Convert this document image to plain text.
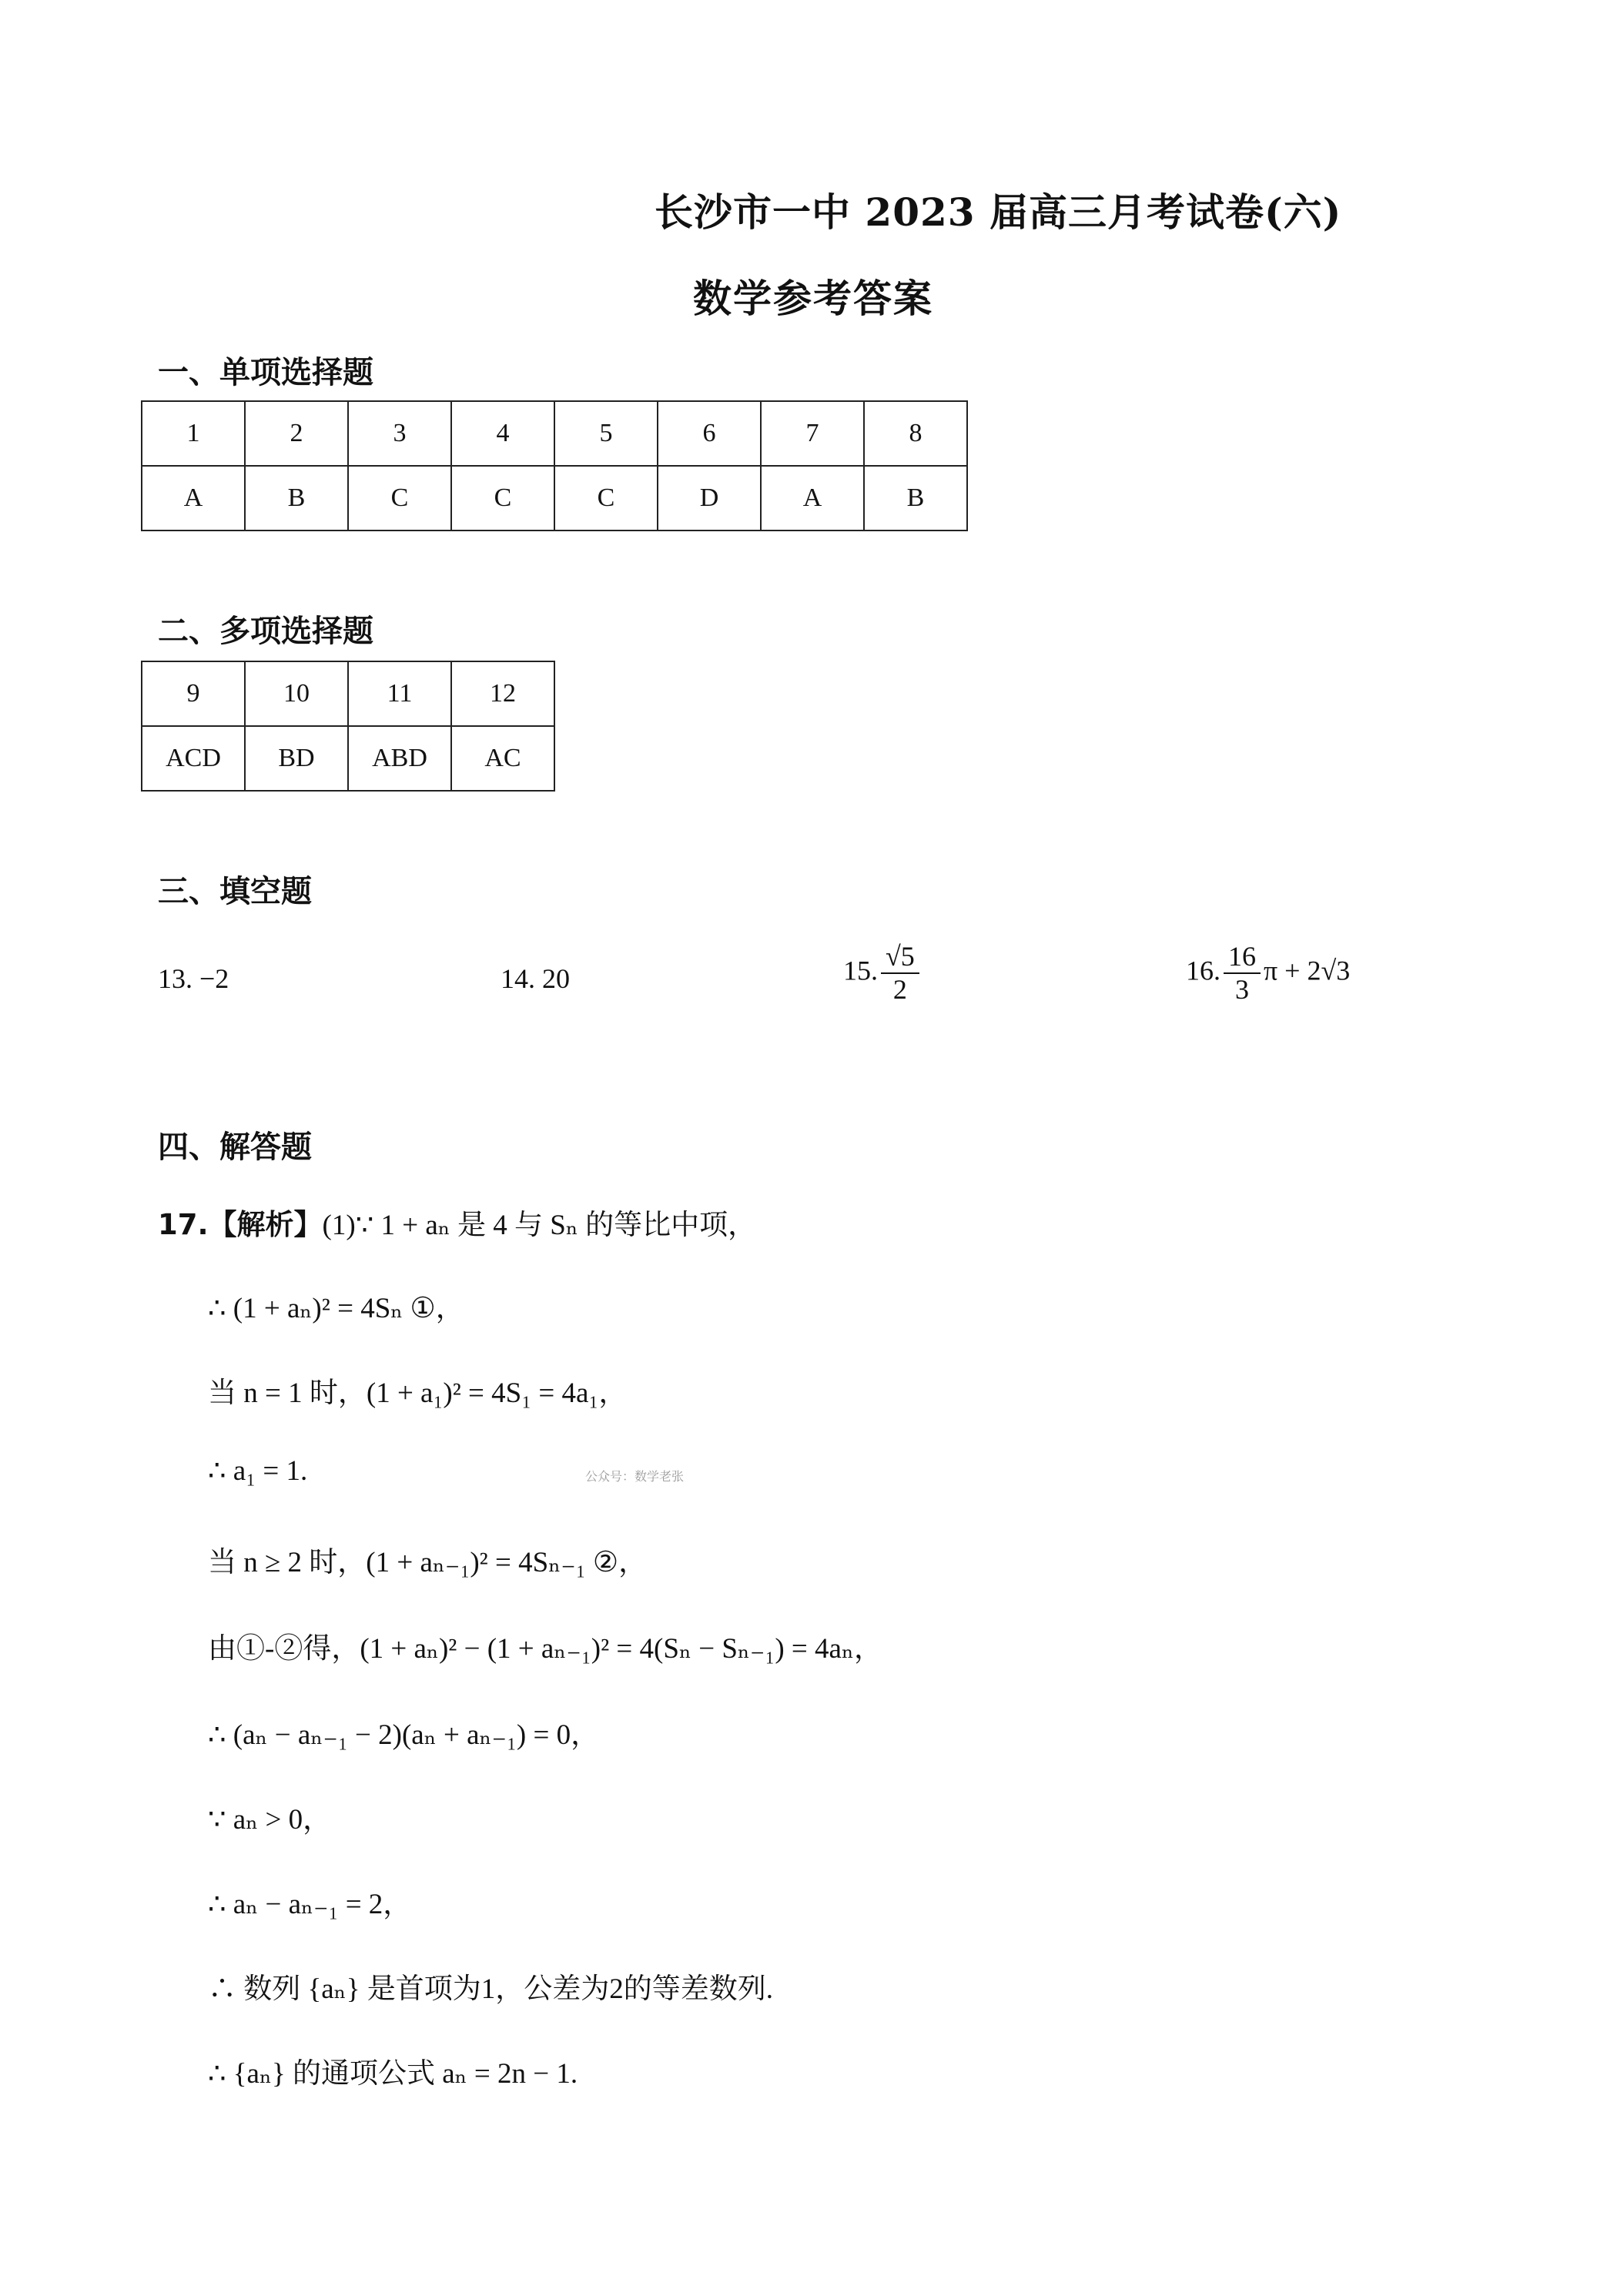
长沙市一中 2023 届高三月考试卷(六)
数学参考答案
一、单项选择题
1	2	3	4	5	6	7	8
A	B	C	C	C	D	A	B
二、多项选择题
9	10	11	12
ACD	BD	ABD	AC
三、填空题
13. −2	14. 20	15. $\frac{√5}{2}$	16. $\frac{16}{3}$ π + 2√3
四、解答题
17.【解析】(1)∵ 1 + aₙ 是 4 与 Sₙ 的等比中项，
∴ (1 + aₙ)² = 4Sₙ ①，
当 n = 1 时，(1 + a₁)² = 4S₁ = 4a₁，
∴ a₁ = 1.
当 n ≥ 2 时，(1 + aₙ₋₁)² = 4Sₙ₋₁ ②，
由①-②得，(1 + aₙ)² − (1 + aₙ₋₁)² = 4(Sₙ − Sₙ₋₁) = 4aₙ，
∴ (aₙ − aₙ₋₁ − 2)(aₙ + aₙ₋₁) = 0，
∵ aₙ > 0，
∴ aₙ − aₙ₋₁ = 2，
∴ 数列 {aₙ} 是首项为1，公差为2的等差数列.
∴ {aₙ} 的通项公式 aₙ = 2n − 1.
公众号：数学老张
